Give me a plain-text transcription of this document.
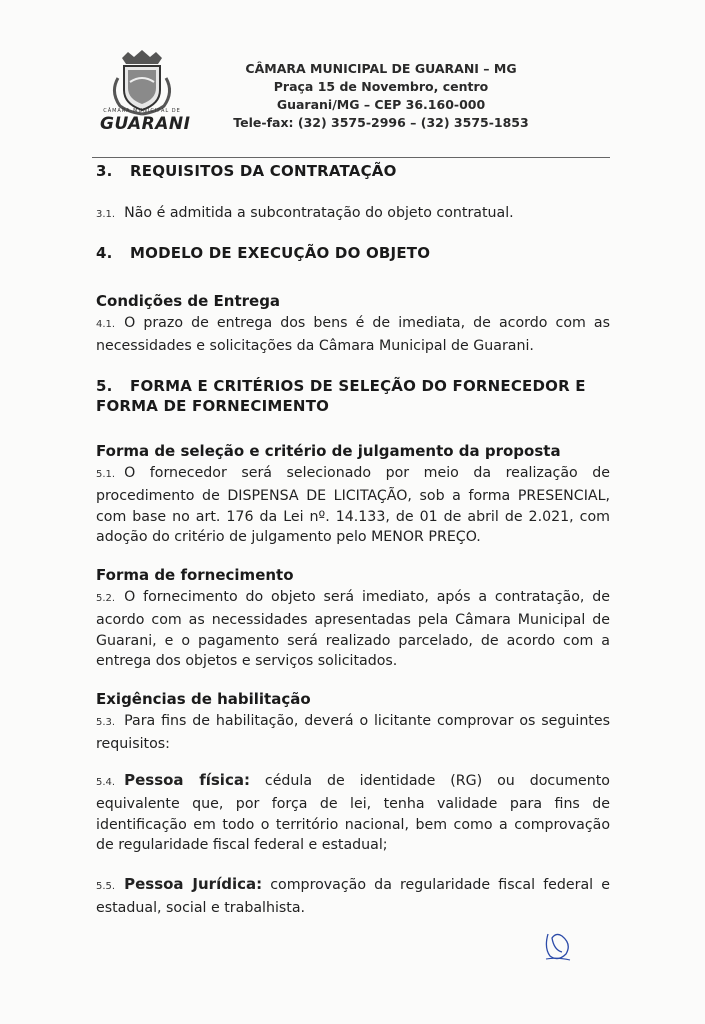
CÂMARA MUNICIPAL DE
GUARANI
CÂMARA MUNICIPAL DE GUARANI – MG
Praça 15 de Novembro, centro
Guarani/MG – CEP 36.160-000
Tele-fax: (32) 3575-2996 – (32) 3575-1853
3. REQUISITOS DA CONTRATAÇÃO
3.1. Não é admitida a subcontratação do objeto contratual.
4. MODELO DE EXECUÇÃO DO OBJETO
Condições de Entrega
4.1. O prazo de entrega dos bens é de imediata, de acordo com as necessidades e solicitações da Câmara Municipal de Guarani.
5. FORMA E CRITÉRIOS DE SELEÇÃO DO FORNECEDOR E
FORMA DE FORNECIMENTO
Forma de seleção e critério de julgamento da proposta
5.1. O fornecedor será selecionado por meio da realização de procedimento de DISPENSA DE LICITAÇÃO, sob a forma PRESENCIAL, com base no art. 176 da Lei nº. 14.133, de 01 de abril de 2.021, com adoção do critério de julgamento pelo MENOR PREÇO.
Forma de fornecimento
5.2. O fornecimento do objeto será imediato, após a contratação, de acordo com as necessidades apresentadas pela Câmara Municipal de Guarani, e o pagamento será realizado parcelado, de acordo com a entrega dos objetos e serviços solicitados.
Exigências de habilitação
5.3. Para fins de habilitação, deverá o licitante comprovar os seguintes requisitos:
5.4. Pessoa física: cédula de identidade (RG) ou documento equivalente que, por força de lei, tenha validade para fins de identificação em todo o território nacional, bem como a comprovação de regularidade fiscal federal e estadual;
5.5. Pessoa Jurídica: comprovação da regularidade fiscal federal e estadual, social e trabalhista.
